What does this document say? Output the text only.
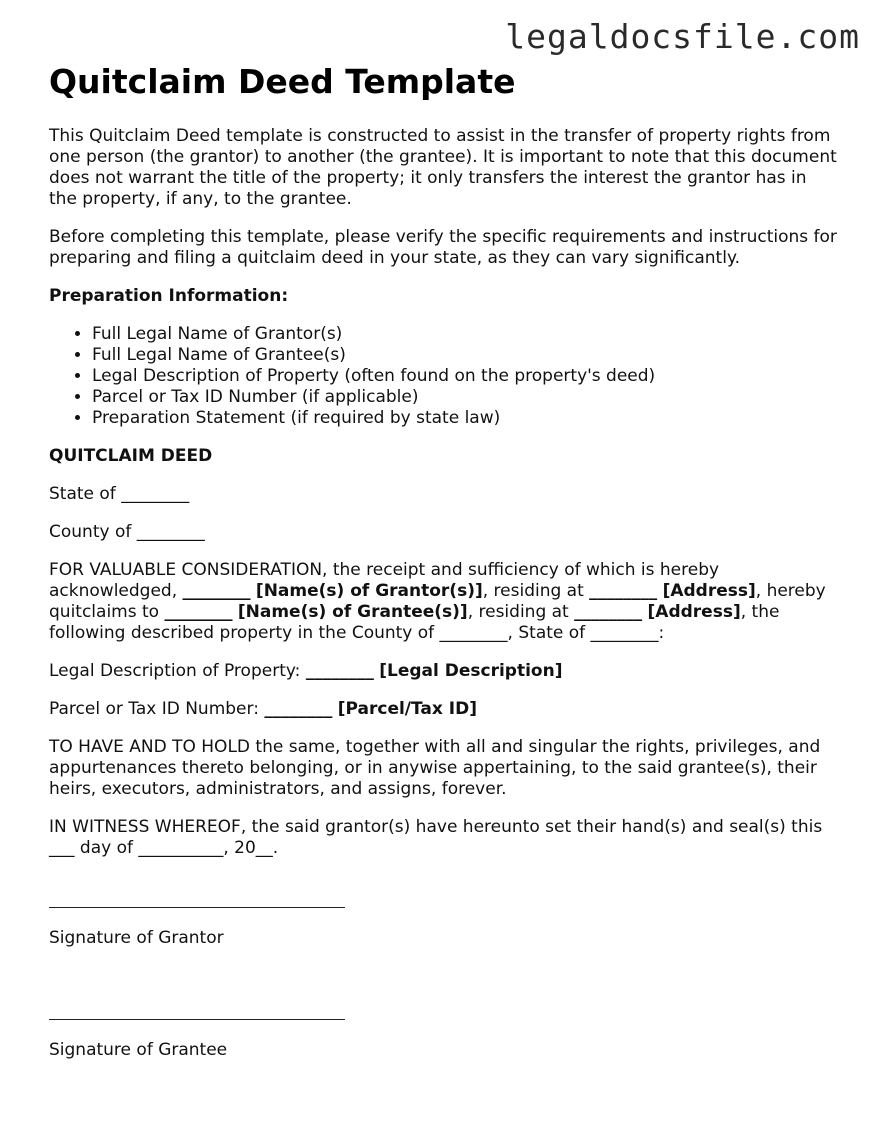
legaldocsfile.com

Quitclaim Deed Template

This Quitclaim Deed template is constructed to assist in the transfer of property rights from one person (the grantor) to another (the grantee). It is important to note that this document does not warrant the title of the property; it only transfers the interest the grantor has in the property, if any, to the grantee.

Before completing this template, please verify the specific requirements and instructions for preparing and filing a quitclaim deed in your state, as they can vary significantly.

Preparation Information:

• Full Legal Name of Grantor(s)
• Full Legal Name of Grantee(s)
• Legal Description of Property (often found on the property's deed)
• Parcel or Tax ID Number (if applicable)
• Preparation Statement (if required by state law)

QUITCLAIM DEED

State of ________

County of ________

FOR VALUABLE CONSIDERATION, the receipt and sufficiency of which is hereby acknowledged, ________ [Name(s) of Grantor(s)], residing at ________ [Address], hereby quitclaims to ________ [Name(s) of Grantee(s)], residing at ________ [Address], the following described property in the County of ________, State of ________:

Legal Description of Property: ________ [Legal Description]

Parcel or Tax ID Number: ________ [Parcel/Tax ID]

TO HAVE AND TO HOLD the same, together with all and singular the rights, privileges, and appurtenances thereto belonging, or in anywise appertaining, to the said grantee(s), their heirs, executors, administrators, and assigns, forever.

IN WITNESS WHEREOF, the said grantor(s) have hereunto set their hand(s) and seal(s) this ___ day of __________, 20__.

Signature of Grantor

Signature of Grantee
